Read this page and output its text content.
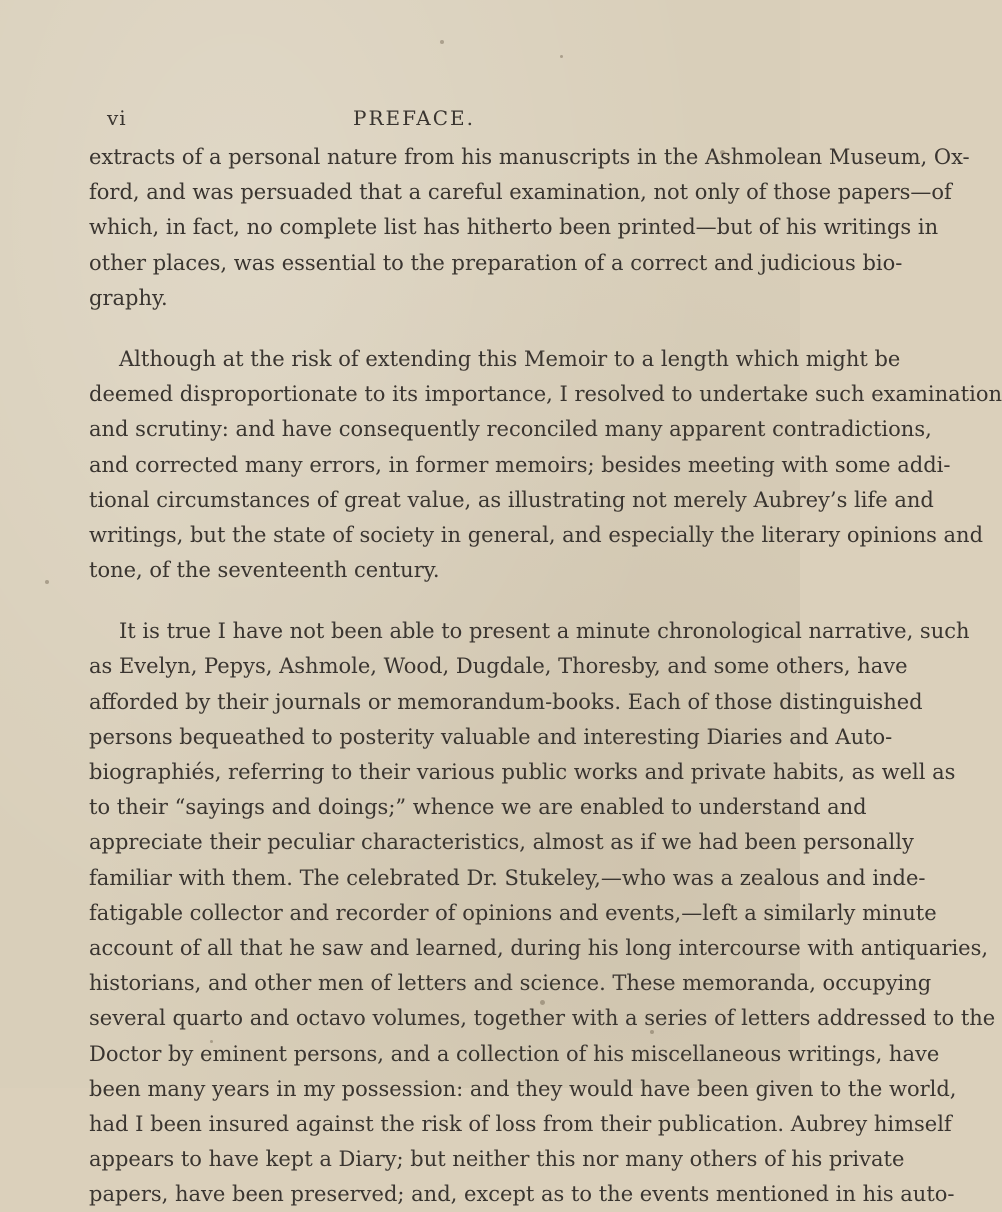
vi	PREFACE.
extracts of a personal nature from his manuscripts in the Ashmolean Museum, Ox-
ford, and was persuaded that a careful examination, not only of those papers—of
which, in fact, no complete list has hitherto been printed—but of his writings in
other places, was essential to the preparation of a correct and judicious bio-
graphy.
Although at the risk of extending this Memoir to a length which might be
deemed disproportionate to its importance, I resolved to undertake such examination
and scrutiny: and have consequently reconciled many apparent contradictions,
and corrected many errors, in former memoirs; besides meeting with some addi-
tional circumstances of great value, as illustrating not merely Aubrey’s life and
writings, but the state of society in general, and especially the literary opinions and
tone, of the seventeenth century.
It is true I have not been able to present a minute chronological narrative, such
as Evelyn, Pepys, Ashmole, Wood, Dugdale, Thoresby, and some others, have
afforded by their journals or memorandum-books. Each of those distinguished
persons bequeathed to posterity valuable and interesting Diaries and Auto-
biographiés, referring to their various public works and private habits, as well as
to their “sayings and doings;” whence we are enabled to understand and
appreciate their peculiar characteristics, almost as if we had been personally
familiar with them. The celebrated Dr. Stukeley,—who was a zealous and inde-
fatigable collector and recorder of opinions and events,—left a similarly minute
account of all that he saw and learned, during his long intercourse with antiquaries,
historians, and other men of letters and science. These memoranda, occupying
several quarto and octavo volumes, together with a series of letters addressed to the
Doctor by eminent persons, and a collection of his miscellaneous writings, have
been many years in my possession: and they would have been given to the world,
had I been insured against the risk of loss from their publication. Aubrey himself
appears to have kept a Diary; but neither this nor many others of his private
papers, have been preserved; and, except as to the events mentioned in his auto-
